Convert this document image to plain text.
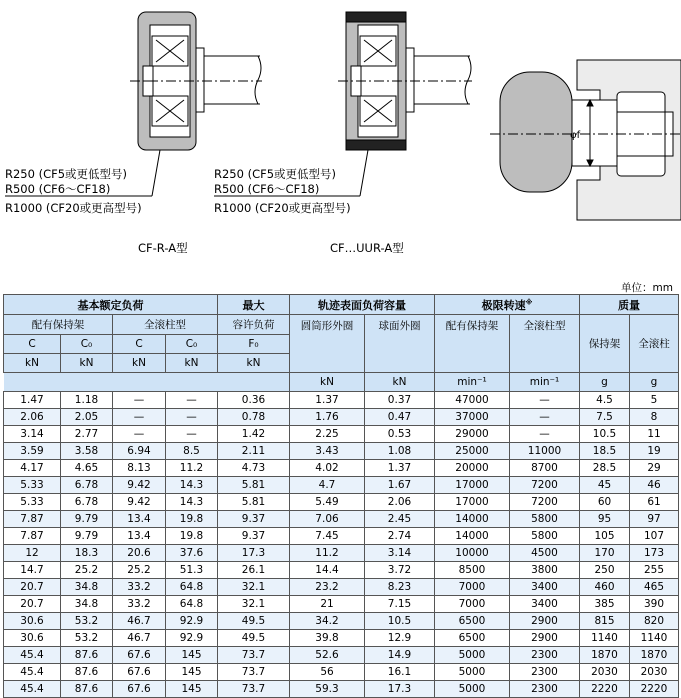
R250 (CF5或更低型号)
R500 (CF6～CF18)
R1000 (CF20或更高型号)
CF-R-A型
R250 (CF5或更低型号)
R500 (CF6～CF18)
R1000 (CF20或更高型号)
CF…UUR-A型
φf
单位：mm
基本额定负荷				最大	轨迹表面负荷容量		极限转速※		质量	
配有保持架		全滚柱型		容许负荷	圆筒形外圈	球面外圈	配有保持架	全滚柱型	保持架	全滚柱
C	C₀	C	C₀	F₀						
kN	kN	kN	kN	kN						
					kN	kN	min⁻¹	min⁻¹	g	g
1.47	1.18	—	—	0.36	1.37	0.37	47000	—	4.5	5
2.06	2.05	—	—	0.78	1.76	0.47	37000	—	7.5	8
3.14	2.77	—	—	1.42	2.25	0.53	29000	—	10.5	11
3.59	3.58	6.94	8.5	2.11	3.43	1.08	25000	11000	18.5	19
4.17	4.65	8.13	11.2	4.73	4.02	1.37	20000	8700	28.5	29
5.33	6.78	9.42	14.3	5.81	4.7	1.67	17000	7200	45	46
5.33	6.78	9.42	14.3	5.81	5.49	2.06	17000	7200	60	61
7.87	9.79	13.4	19.8	9.37	7.06	2.45	14000	5800	95	97
7.87	9.79	13.4	19.8	9.37	7.45	2.74	14000	5800	105	107
12	18.3	20.6	37.6	17.3	11.2	3.14	10000	4500	170	173
14.7	25.2	25.2	51.3	26.1	14.4	3.72	8500	3800	250	255
20.7	34.8	33.2	64.8	32.1	23.2	8.23	7000	3400	460	465
20.7	34.8	33.2	64.8	32.1	21	7.15	7000	3400	385	390
30.6	53.2	46.7	92.9	49.5	34.2	10.5	6500	2900	815	820
30.6	53.2	46.7	92.9	49.5	39.8	12.9	6500	2900	1140	1140
45.4	87.6	67.6	145	73.7	52.6	14.9	5000	2300	1870	1870
45.4	87.6	67.6	145	73.7	56	16.1	5000	2300	2030	2030
45.4	87.6	67.6	145	73.7	59.3	17.3	5000	2300	2220	2220
